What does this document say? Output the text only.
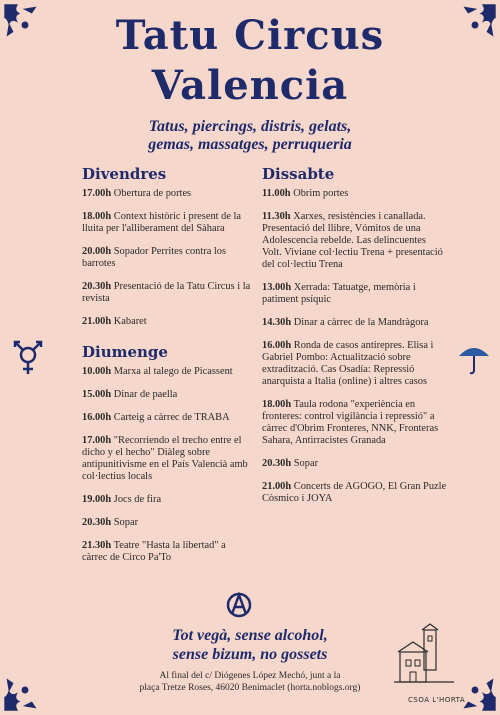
Tatu Circus
Valencia
Tatus, piercings, distris, gelats,
gemas, massatges, perruqueria
Divendres
17.00h Obertura de portes
18.00h Context històric i present de la lluita per l'alliberament del Sàhara
20.00h Sopador Perrites contra los barrotes
20.30h Presentació de la Tatu Circus i la revista
21.00h Kabaret
Diumenge
10.00h Marxa al talego de Picassent
15.00h Dinar de paella
16.00h Carteig a càrrec de TRABA
17.00h "Recorriendo el trecho entre el dicho y el hecho" Diàleg sobre antipunitivisme en el País Valencià amb col·lectius locals
19.00h Jocs de fira
20.30h Sopar
21.30h Teatre "Hasta la libertad" a càrrec de Circo Pa'To
Dissabte
11.00h Obrim portes
11.30h Xarxes, resistències i canallada. Presentació del llibre, Vómitos de una Adolescencia rebelde. Las delincuentes Volt. Viviane col·lectiu Trena + presentació del col·lectiu Trena
13.00h Xerrada: Tatuatge, memòria i patiment psíquic
14.30h Dinar a càrrec de la Mandràgora
16.00h Ronda de casos antirepres. Elisa i Gabriel Pombo: Actualització sobre extradització. Cas Osadía: Repressió anarquista a Italia (online) i altres casos
18.00h Taula rodona "experiència en fronteres: control vigilància i repressió" a càrrec d'Obrim Fronteres, NNK, Fronteras Sahara, Antirracistes Granada
20.30h Sopar
21.00h Concerts de AGOGO, El Gran Puzle Còsmico i JOYA
Tot vegà, sense alcohol,
sense bizum, no gossets
Al final del c/ Diógenes López Mechó, junt a la
plaça Tretze Roses, 46020 Benimaclet (horta.noblogs.org)
CSOA L'HORTA
